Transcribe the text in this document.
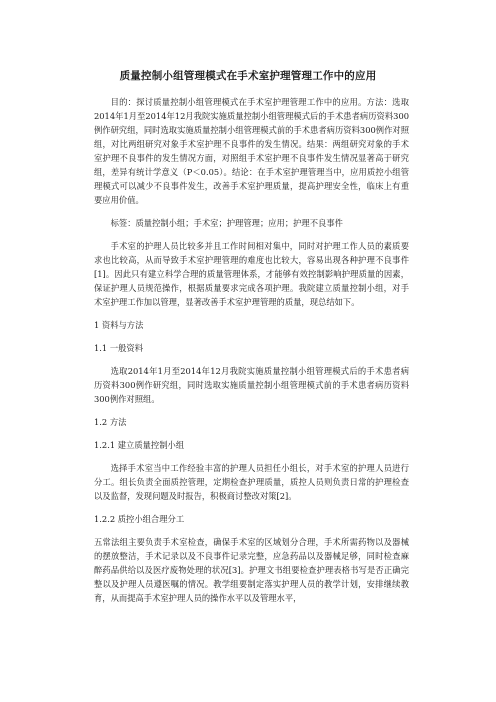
质量控制小组管理模式在手术室护理管理工作中的应用

目的：探讨质量控制小组管理模式在手术室护理管理工作中的应用。方法：选取2014年1月至2014年12月我院实施质量控制小组管理模式后的手术患者病历资料300例作研究组，同时选取实施质量控制小组管理模式前的手术患者病历资料300例作对照组，对比两组研究对象手术室护理不良事件的发生情况。结果：两组研究对象的手术室护理不良事件的发生情况方面，对照组手术室护理不良事件发生情况显著高于研究组，差异有统计学意义（P＜0.05）。结论：在手术室护理管理当中，应用质控小组管理模式可以减少不良事件发生，改善手术室护理质量，提高护理安全性，临床上有重要应用价值。

标签：质量控制小组；手术室；护理管理；应用；护理不良事件

手术室的护理人员比较多并且工作时间相对集中，同时对护理工作人员的素质要求也比较高，从而导致手术室护理管理的难度也比较大，容易出现各种护理不良事件[1]。因此只有建立科学合理的质量管理体系，才能够有效控制影响护理质量的因素，保证护理人员规范操作，根据质量要求完成各项护理。我院建立质量控制小组，对手术室护理工作加以管理，显著改善手术室护理管理的质量，现总结如下。

1 资料与方法

1.1 一般资料

选取2014年1月至2014年12月我院实施质量控制小组管理模式后的手术患者病历资料300例作研究组，同时选取实施质量控制小组管理模式前的手术患者病历资料300例作对照组。

1.2 方法

1.2.1 建立质量控制小组

选择手术室当中工作经验丰富的护理人员担任小组长，对手术室的护理人员进行分工。组长负责全面质控管理，定期检查护理质量，质控人员则负责日常的护理检查以及监督，发现问题及时报告，积极商讨整改对策[2]。

1.2.2 质控小组合理分工

五常法组主要负责手术室检查，确保手术室的区域划分合理，手术所需药物以及器械的摆放整洁，手术记录以及不良事件记录完整，应急药品以及器械足够，同时检查麻醉药品供给以及医疗废物处理的状况[3]。护理文书组要检查护理表格书写是否正确完整以及护理人员遵医嘱的情况。教学组要制定落实护理人员的教学计划，安排继续教育，从而提高手术室护理人员的操作水平以及管理水平，
